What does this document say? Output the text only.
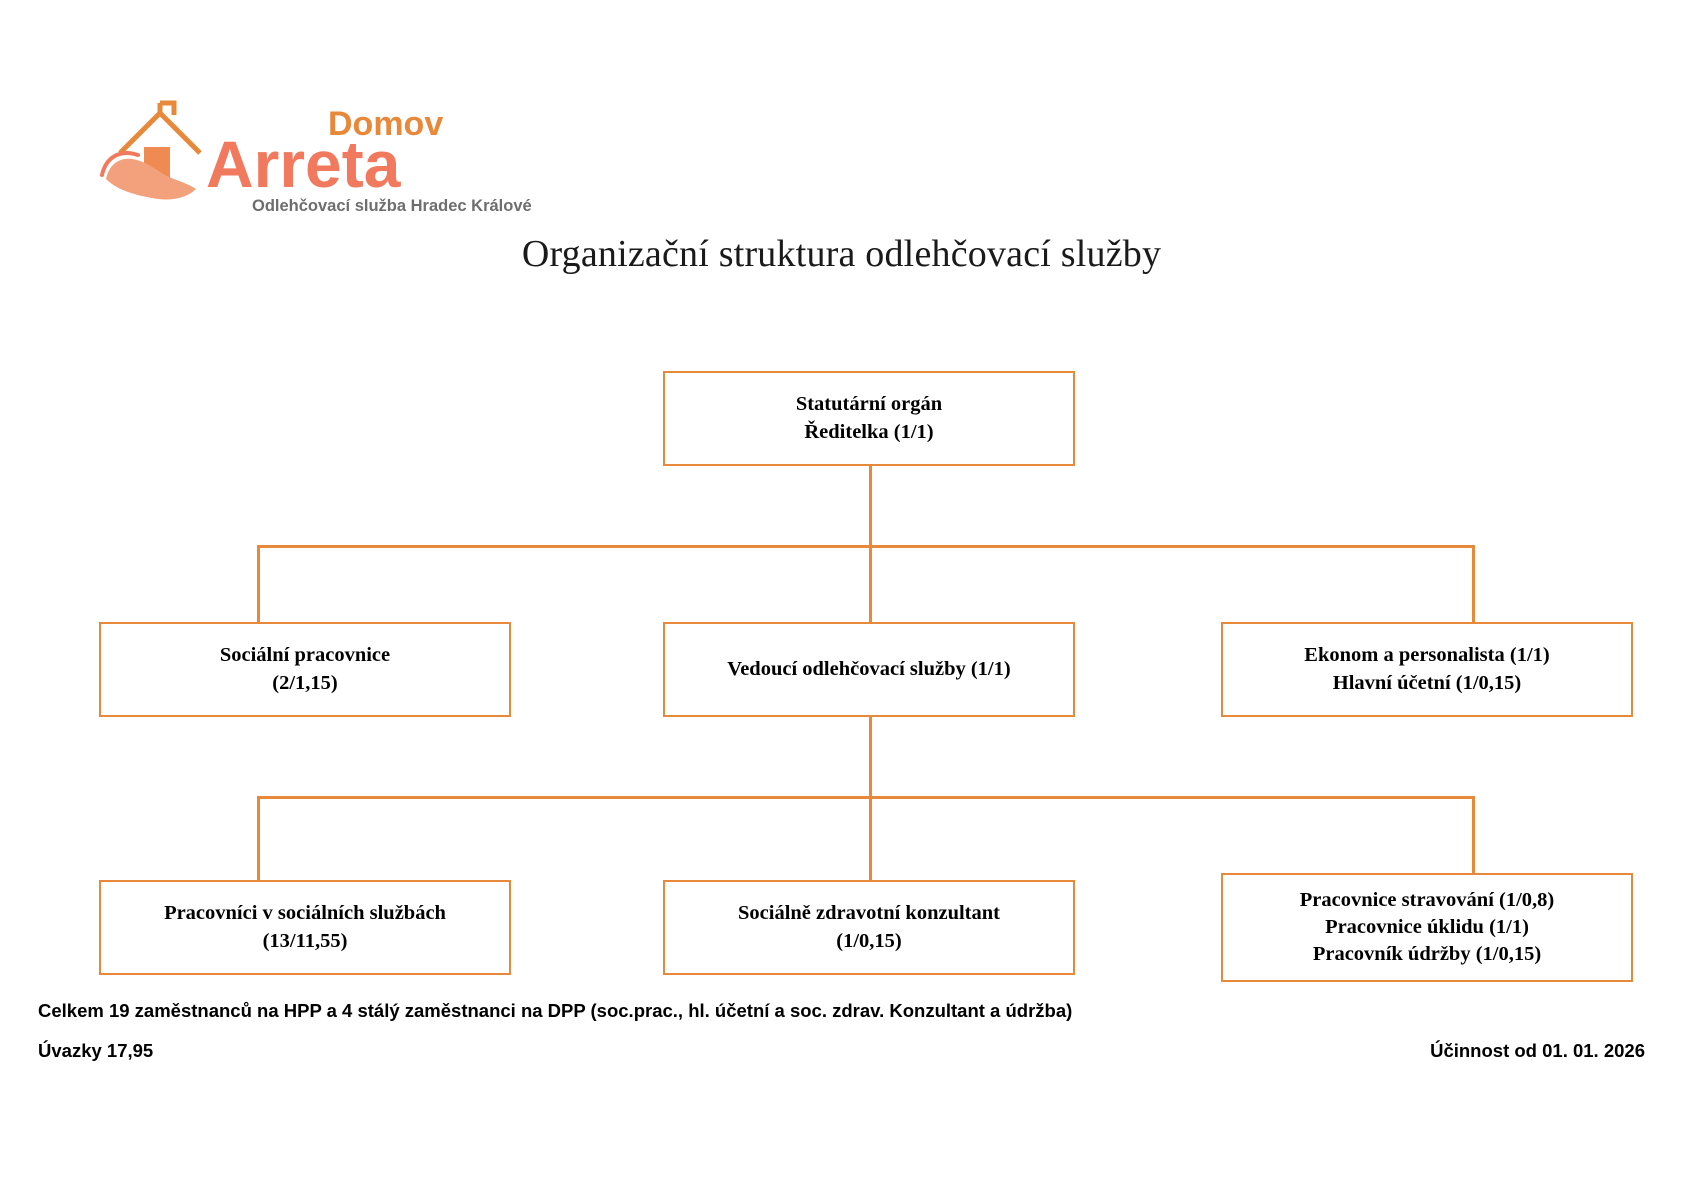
Domov
Arreta
Odlehčovací služba Hradec Králové
Organizační struktura odlehčovací služby
Statutární orgán
Ředitelka (1/1)
Sociální pracovnice
(2/1,15)
Vedoucí odlehčovací služby (1/1)
Ekonom a personalista (1/1)
Hlavní účetní (1/0,15)
Pracovníci v sociálních službách
(13/11,55)
Sociálně zdravotní konzultant
(1/0,15)
Pracovnice stravování (1/0,8)
Pracovnice úklidu (1/1)
Pracovník údržby (1/0,15)
Celkem 19 zaměstnanců na HPP a 4 stálý zaměstnanci na DPP (soc.prac., hl. účetní a soc. zdrav. Konzultant a údržba)
Úvazky 17,95	Účinnost od 01. 01. 2026
